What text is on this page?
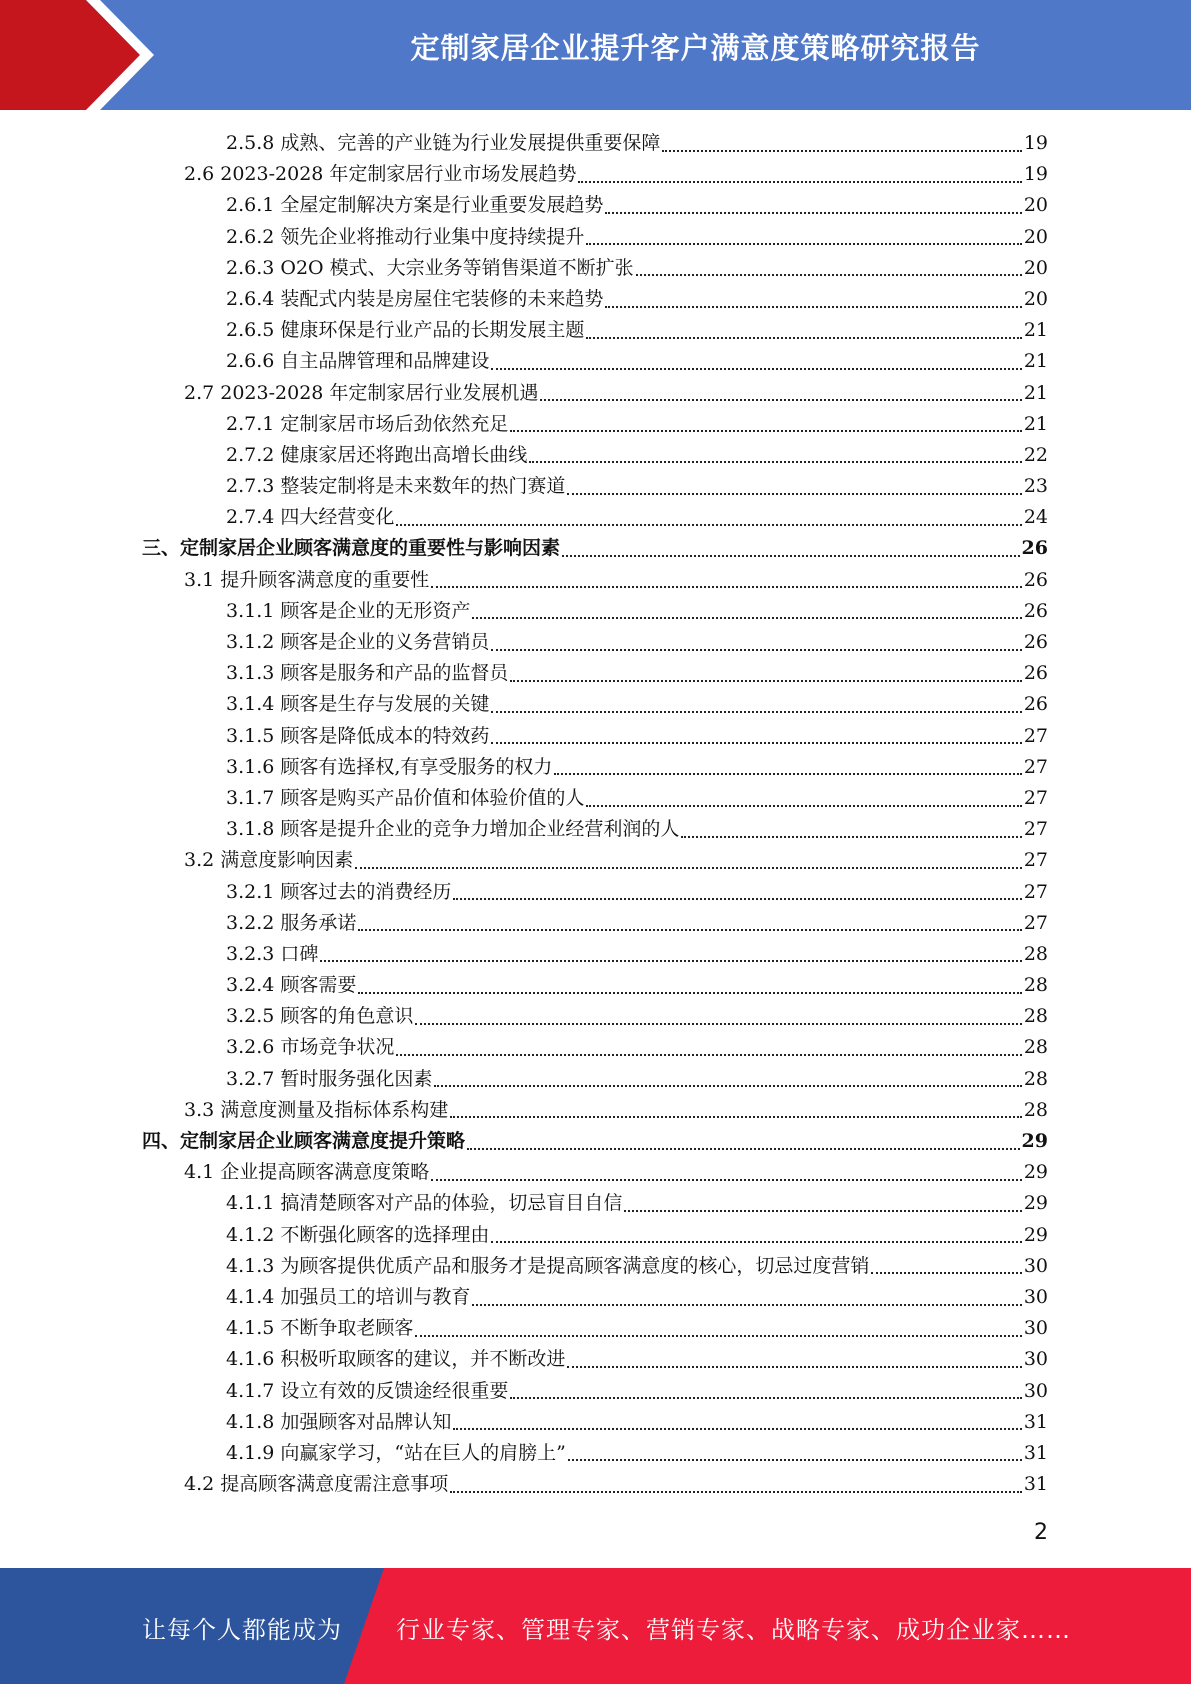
定制家居企业提升客户满意度策略研究报告
2.5.8 成熟、完善的产业链为行业发展提供重要保障	19
2.6 2023-2028 年定制家居行业市场发展趋势	19
2.6.1 全屋定制解决方案是行业重要发展趋势	20
2.6.2 领先企业将推动行业集中度持续提升	20
2.6.3 O2O 模式、大宗业务等销售渠道不断扩张	20
2.6.4 装配式内装是房屋住宅装修的未来趋势	20
2.6.5 健康环保是行业产品的长期发展主题	21
2.6.6 自主品牌管理和品牌建设	21
2.7 2023-2028 年定制家居行业发展机遇	21
2.7.1 定制家居市场后劲依然充足	21
2.7.2 健康家居还将跑出高增长曲线	22
2.7.3 整装定制将是未来数年的热门赛道	23
2.7.4 四大经营变化	24
三、定制家居企业顾客满意度的重要性与影响因素	26
3.1 提升顾客满意度的重要性	26
3.1.1 顾客是企业的无形资产	26
3.1.2 顾客是企业的义务营销员	26
3.1.3 顾客是服务和产品的监督员	26
3.1.4 顾客是生存与发展的关键	26
3.1.5 顾客是降低成本的特效药	27
3.1.6 顾客有选择权,有享受服务的权力	27
3.1.7 顾客是购买产品价值和体验价值的人	27
3.1.8 顾客是提升企业的竞争力增加企业经营利润的人	27
3.2 满意度影响因素	27
3.2.1 顾客过去的消费经历	27
3.2.2 服务承诺	27
3.2.3 口碑	28
3.2.4 顾客需要	28
3.2.5 顾客的角色意识	28
3.2.6 市场竞争状况	28
3.2.7 暂时服务强化因素	28
3.3 满意度测量及指标体系构建	28
四、定制家居企业顾客满意度提升策略	29
4.1 企业提高顾客满意度策略	29
4.1.1 搞清楚顾客对产品的体验，切忌盲目自信	29
4.1.2 不断强化顾客的选择理由	29
4.1.3 为顾客提供优质产品和服务才是提高顾客满意度的核心，切忌过度营销	30
4.1.4 加强员工的培训与教育	30
4.1.5 不断争取老顾客	30
4.1.6 积极听取顾客的建议，并不断改进	30
4.1.7 设立有效的反馈途经很重要	30
4.1.8 加强顾客对品牌认知	31
4.1.9 向赢家学习，“站在巨人的肩膀上”	31
4.2 提高顾客满意度需注意事项	31
2
让每个人都能成为 行业专家、管理专家、营销专家、战略专家、成功企业家……
